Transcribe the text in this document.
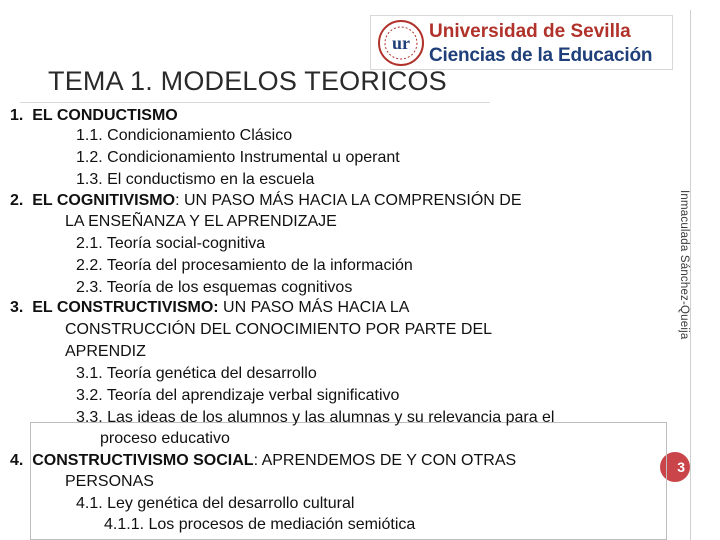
ur
Universidad de Sevilla
Ciencias de la Educación
TEMA 1. MODELOS TEORICOS
Inmaculada Sánchez-Queija
3
1. EL CONDUCTISMO
1.1. Condicionamiento Clásico
1.2. Condicionamiento Instrumental u operant
1.3. El conductismo en la escuela
2. EL COGNITIVISMO: UN PASO MÁS HACIA LA COMPRENSIÓN DE
LA ENSEÑANZA Y EL APRENDIZAJE
2.1. Teoría social-cognitiva
2.2. Teoría del procesamiento de la información
2.3. Teoría de los esquemas cognitivos
3. EL CONSTRUCTIVISMO: UN PASO MÁS HACIA LA
CONSTRUCCIÓN DEL CONOCIMIENTO POR PARTE DEL
APRENDIZ
3.1. Teoría genética del desarrollo
3.2. Teoría del aprendizaje verbal significativo
3.3. Las ideas de los alumnos y las alumnas y su relevancia para el
proceso educativo
4. CONSTRUCTIVISMO SOCIAL: APRENDEMOS DE Y CON OTRAS
PERSONAS
4.1. Ley genética del desarrollo cultural
4.1.1. Los procesos de mediación semiótica
